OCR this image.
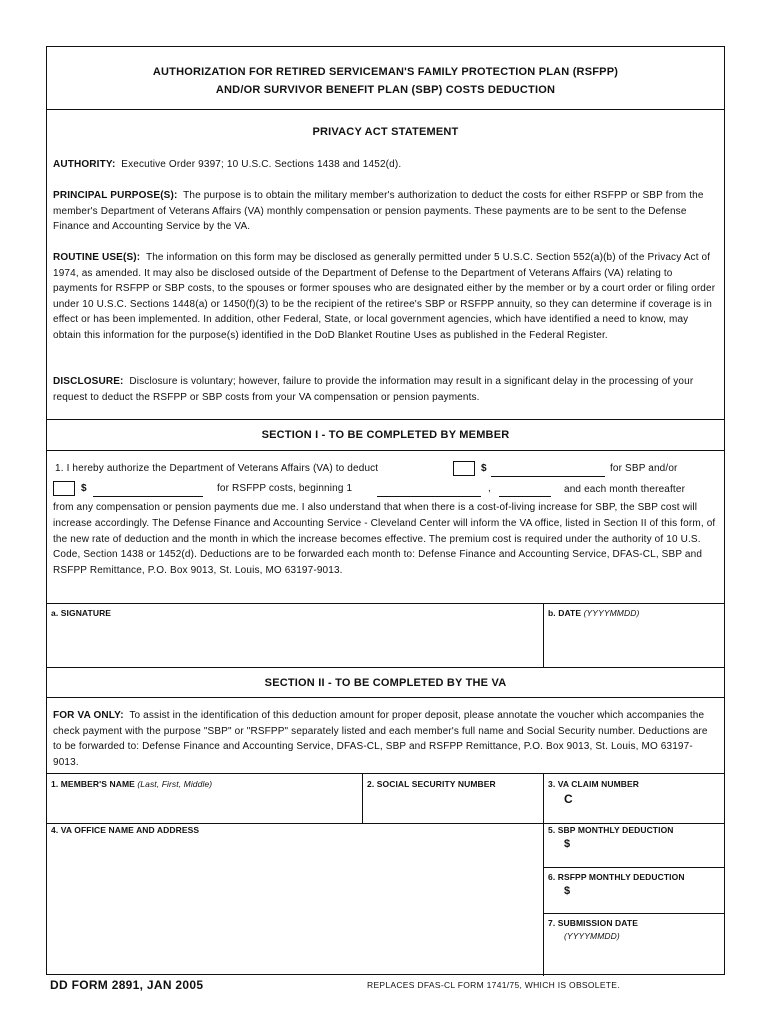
AUTHORIZATION FOR RETIRED SERVICEMAN'S FAMILY PROTECTION PLAN (RSFPP)
AND/OR SURVIVOR BENEFIT PLAN (SBP) COSTS DEDUCTION
PRIVACY ACT STATEMENT
AUTHORITY: Executive Order 9397; 10 U.S.C. Sections 1438 and 1452(d).
PRINCIPAL PURPOSE(S): The purpose is to obtain the military member's authorization to deduct the costs for either RSFPP or SBP from the member's Department of Veterans Affairs (VA) monthly compensation or pension payments. These payments are to be sent to the Defense Finance and Accounting Service by the VA.
ROUTINE USE(S): The information on this form may be disclosed as generally permitted under 5 U.S.C. Section 552(a)(b) of the Privacy Act of 1974, as amended. It may also be disclosed outside of the Department of Defense to the Department of Veterans Affairs (VA) relating to payments for RSFPP or SBP costs, to the spouses or former spouses who are designated either by the member or by a court order or filing order under 10 U.S.C. Sections 1448(a) or 1450(f)(3) to be the recipient of the retiree's SBP or RSFPP annuity, so they can determine if coverage is in effect or has been implemented. In addition, other Federal, State, or local government agencies, which have identified a need to know, may obtain this information for the purpose(s) identified in the DoD Blanket Routine Uses as published in the Federal Register.
DISCLOSURE: Disclosure is voluntary; however, failure to provide the information may result in a significant delay in the processing of your request to deduct the RSFPP or SBP costs from your VA compensation or pension payments.
SECTION I - TO BE COMPLETED BY MEMBER
1. I hereby authorize the Department of Veterans Affairs (VA) to deduct	$	for SBP and/or
$	for RSFPP costs, beginning 1	,	and each month thereafter
from any compensation or pension payments due me. I also understand that when there is a cost-of-living increase for SBP, the SBP cost will increase accordingly. The Defense Finance and Accounting Service - Cleveland Center will inform the VA office, listed in Section II of this form, of the new rate of deduction and the month in which the increase becomes effective. The premium cost is required under the authority of 10 U.S. Code, Section 1438 or 1452(d). Deductions are to be forwarded each month to: Defense Finance and Accounting Service, DFAS-CL, SBP and RSFPP Remittance, P.O. Box 9013, St. Louis, MO 63197-9013.
a. SIGNATURE	b. DATE (YYYYMMDD)
SECTION II - TO BE COMPLETED BY THE VA
FOR VA ONLY: To assist in the identification of this deduction amount for proper deposit, please annotate the voucher which accompanies the check payment with the purpose "SBP" or "RSFPP" separately listed and each member's full name and Social Security number. Deductions are to be forwarded to: Defense Finance and Accounting Service, DFAS-CL, SBP and RSFPP Remittance, P.O. Box 9013, St. Louis, MO 63197-9013.
1. MEMBER'S NAME (Last, First, Middle)	2. SOCIAL SECURITY NUMBER	3. VA CLAIM NUMBER
C
4. VA OFFICE NAME AND ADDRESS	5. SBP MONTHLY DEDUCTION
$
6. RSFPP MONTHLY DEDUCTION
$
7. SUBMISSION DATE
(YYYYMMDD)
DD FORM 2891, JAN 2005	REPLACES DFAS-CL FORM 1741/75, WHICH IS OBSOLETE.
